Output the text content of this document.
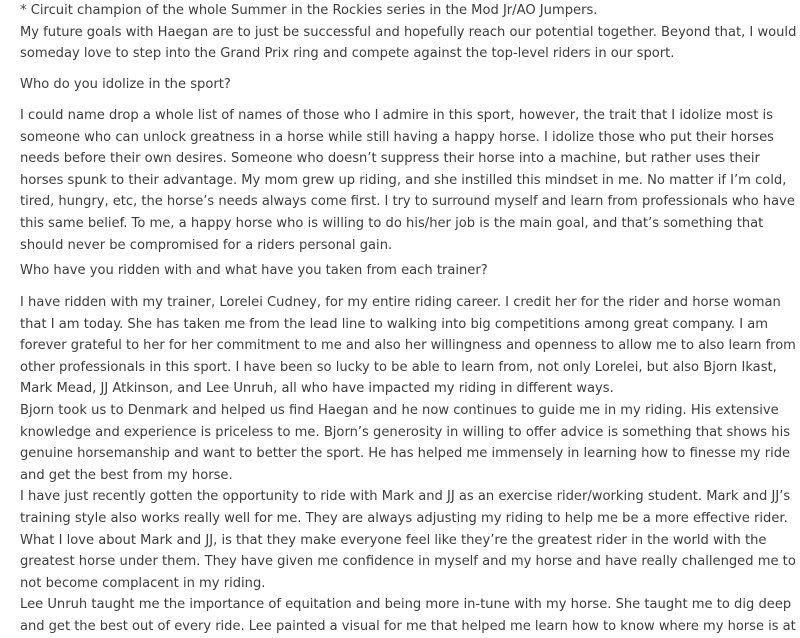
* Circuit champion of the whole Summer in the Rockies series in the Mod Jr/AO Jumpers.

My future goals with Haegan are to just be successful and hopefully reach our potential together. Beyond that, I would

someday love to step into the Grand Prix ring and compete against the top-level riders in our sport.

Who do you idolize in the sport?

I could name drop a whole list of names of those who I admire in this sport, however, the trait that I idolize most is

someone who can unlock greatness in a horse while still having a happy horse. I idolize those who put their horses

needs before their own desires. Someone who doesn’t suppress their horse into a machine, but rather uses their

horses spunk to their advantage. My mom grew up riding, and she instilled this mindset in me. No matter if I’m cold,

tired, hungry, etc, the horse’s needs always come first. I try to surround myself and learn from professionals who have

this same belief. To me, a happy horse who is willing to do his/her job is the main goal, and that’s something that

should never be compromised for a riders personal gain.

Who have you ridden with and what have you taken from each trainer?

I have ridden with my trainer, Lorelei Cudney, for my entire riding career. I credit her for the rider and horse woman

that I am today. She has taken me from the lead line to walking into big competitions among great company. I am

forever grateful to her for her commitment to me and also her willingness and openness to allow me to also learn from

other professionals in this sport. I have been so lucky to be able to learn from, not only Lorelei, but also Bjorn Ikast,

Mark Mead, JJ Atkinson, and Lee Unruh, all who have impacted my riding in different ways.

Bjorn took us to Denmark and helped us find Haegan and he now continues to guide me in my riding. His extensive

knowledge and experience is priceless to me. Bjorn’s generosity in willing to offer advice is something that shows his

genuine horsemanship and want to better the sport. He has helped me immensely in learning how to finesse my ride

and get the best from my horse.

I have just recently gotten the opportunity to ride with Mark and JJ as an exercise rider/working student. Mark and JJ’s

training style also works really well for me. They are always adjusting my riding to help me be a more effective rider.

What I love about Mark and JJ, is that they make everyone feel like they’re the greatest rider in the world with the

greatest horse under them. They have given me confidence in myself and my horse and have really challenged me to

not become complacent in my riding.

Lee Unruh taught me the importance of equitation and being more in-tune with my horse. She taught me to dig deep

and get the best out of every ride. Lee painted a visual for me that helped me learn how to know where my horse is at
